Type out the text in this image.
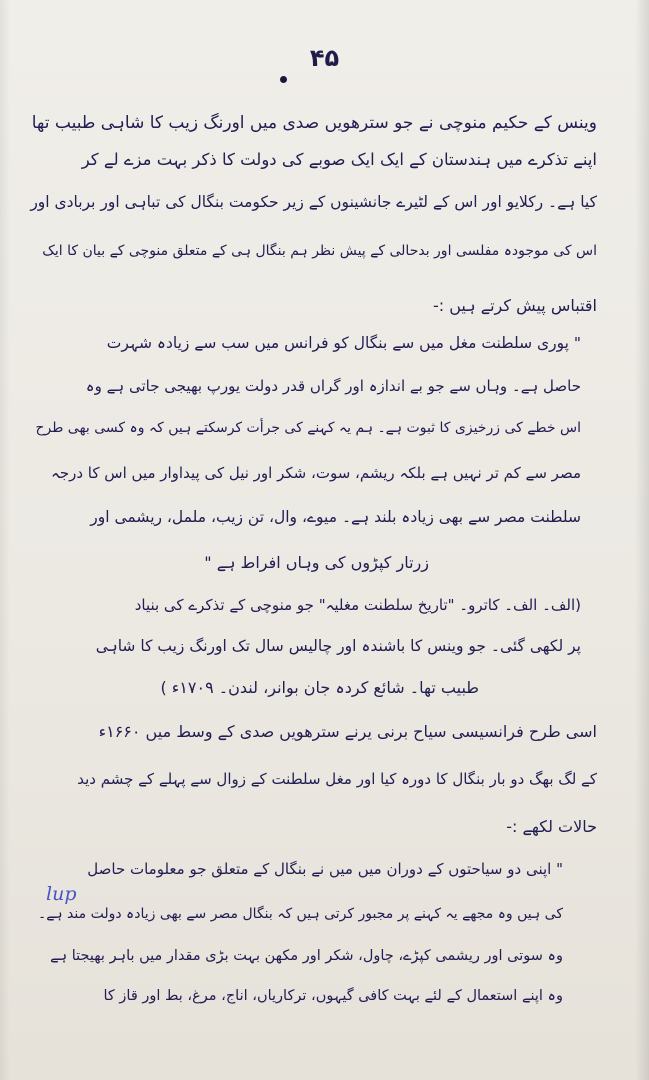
۴۵
وینس کے حکیم منوچی نے جو سترھویں صدی میں اورنگ زیب کا شاہی طبیب تھا
اپنے تذکرے میں ہندستان کے ایک ایک صوبے کی دولت کا ذکر بہت مزے لے کر
کیا ہے۔ رکلایو اور اس کے لٹیرے جانشینوں کے زیر حکومت بنگال کی تباہی اور بربادی اور
اس کی موجودہ مفلسی اور بدحالی کے پیش نظر ہم بنگال ہی کے متعلق منوچی کے بیان کا ایک
اقتباس پیش کرتے ہیں :-
" پوری سلطنت مغل میں سے بنگال کو فرانس میں سب سے زیادہ شہرت
حاصل ہے۔ وہاں سے جو بے اندازہ اور گراں قدر دولت یورپ بھیجی جاتی ہے وہ
اس خطے کی زرخیزی کا ثبوت ہے۔ ہم یہ کہنے کی جرأت کرسکتے ہیں کہ وہ کسی بھی طرح
مصر سے کم تر نہیں ہے بلکہ ریشم، سوت، شکر اور نیل کی پیداوار میں اس کا درجہ
سلطنت مصر سے بھی زیادہ بلند ہے۔ میوے، وال، تن زیب، ململ، ریشمی اور
زرتار کپڑوں کی وہاں افراط ہے "
(الف۔ الف۔ کاترو۔ "تاریخ سلطنت مغلیہ" جو منوچی کے تذکرے کی بنیاد
پر لکھی گئی۔ جو وینس کا باشندہ اور چالیس سال تک اورنگ زیب کا شاہی
طبیب تھا۔ شائع کردہ جان بوانر، لندن۔ ۱۷۰۹ء )
اسی طرح فرانسیسی سیاح برنی یرنے سترھویں صدی کے وسط میں ۱۶۶۰ء
کے لگ بھگ دو بار بنگال کا دورہ کیا اور مغل سلطنت کے زوال سے پہلے کے چشم دید
حالات لکھے :-
" اپنی دو سیاحتوں کے دوران میں میں نے بنگال کے متعلق جو معلومات حاصل
کی ہیں وہ مجھے یہ کہنے پر مجبور کرتی ہیں کہ بنگال مصر سے بھی زیادہ دولت مند ہے۔
وہ سوتی اور ریشمی کپڑے، چاول، شکر اور مکھن بہت بڑی مقدار میں باہر بھیجتا ہے
وہ اپنے استعمال کے لئے بہت کافی گیہوں، ترکاریاں، اناج، مرغ، بط اور قاز کا
lup
